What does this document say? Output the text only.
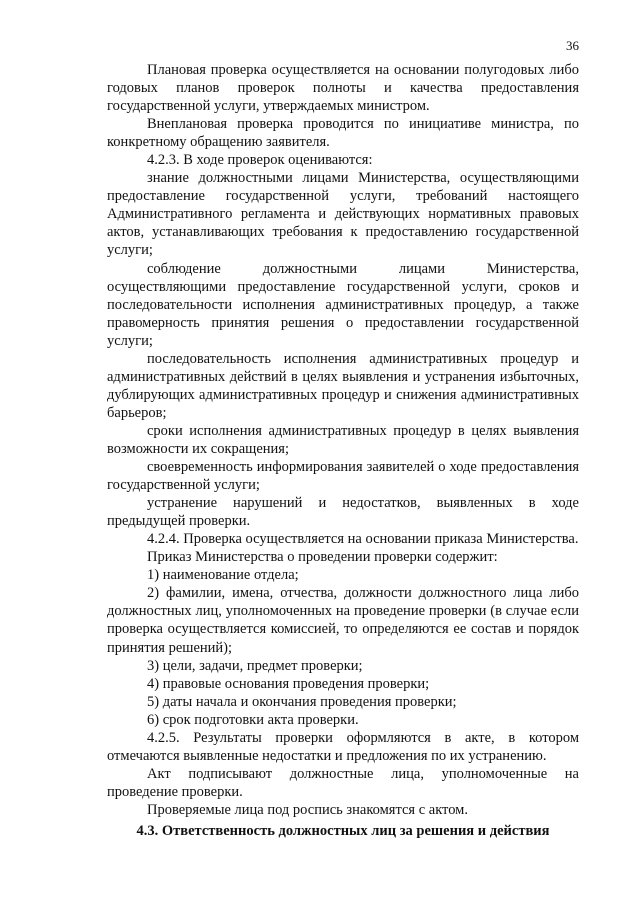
36

Плановая проверка осуществляется на основании полугодовых либо годовых планов проверок полноты и качества предоставления государственной услуги, утверждаемых министром.

Внеплановая проверка проводится по инициативе министра, по конкретному обращению заявителя.

4.2.3. В ходе проверок оцениваются:

знание должностными лицами Министерства, осуществляющими предоставление государственной услуги, требований настоящего Административного регламента и действующих нормативных правовых актов, устанавливающих требования к предоставлению государственной услуги;

соблюдение должностными лицами Министерства, осуществляющими предоставление государственной услуги, сроков и последовательности исполнения административных процедур, а также правомерность принятия решения о предоставлении государственной услуги;

последовательность исполнения административных процедур и административных действий в целях выявления и устранения избыточных, дублирующих административных процедур и снижения административных барьеров;

сроки исполнения административных процедур в целях выявления возможности их сокращения;

своевременность информирования заявителей о ходе предоставления государственной услуги;

устранение нарушений и недостатков, выявленных в ходе предыдущей проверки.

4.2.4. Проверка осуществляется на основании приказа Министерства.

Приказ Министерства о проведении проверки содержит:

1) наименование отдела;

2) фамилии, имена, отчества, должности должностного лица либо должностных лиц, уполномоченных на проведение проверки (в случае если проверка осуществляется комиссией, то определяются ее состав и порядок принятия решений);

3) цели, задачи, предмет проверки;

4) правовые основания проведения проверки;

5) даты начала и окончания проведения проверки;

6) срок подготовки акта проверки.

4.2.5. Результаты проверки оформляются в акте, в котором отмечаются выявленные недостатки и предложения по их устранению.

Акт подписывают должностные лица, уполномоченные на проведение проверки.

Проверяемые лица под роспись знакомятся с актом.

4.3. Ответственность должностных лиц за решения и действия
